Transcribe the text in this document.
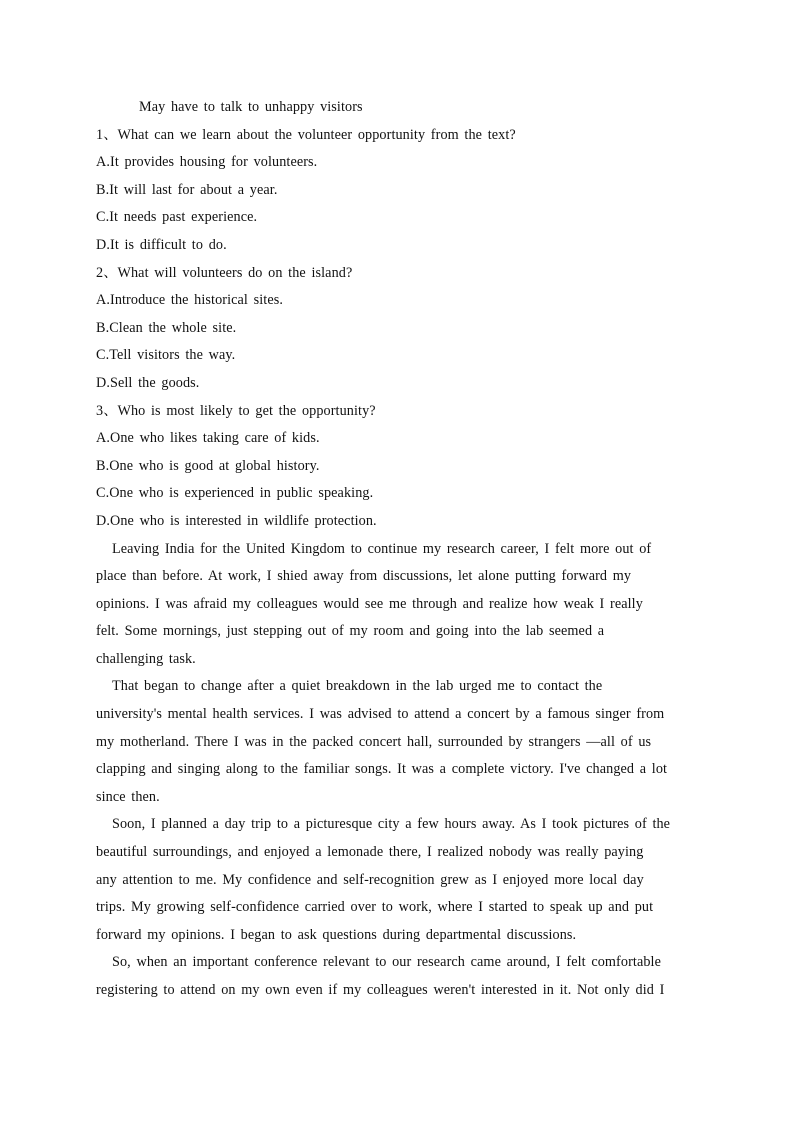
May have to talk to unhappy visitors

1、What can we learn about the volunteer opportunity from the text?

A.It provides housing for volunteers.

B.It will last for about a year.

C.It needs past experience.

D.It is difficult to do.

2、What will volunteers do on the island?

A.Introduce the historical sites.

B.Clean the whole site.

C.Tell visitors the way.

D.Sell the goods.

3、Who is most likely to get the opportunity?

A.One who likes taking care of kids.

B.One who is good at global history.

C.One who is experienced in public speaking.

D.One who is interested in wildlife protection.

Leaving India for the United Kingdom to continue my research career, I felt more out of
place than before. At work, I shied away from discussions, let alone putting forward my
opinions. I was afraid my colleagues would see me through and realize how weak I really
felt. Some mornings, just stepping out of my room and going into the lab seemed a
challenging task.
That began to change after a quiet breakdown in the lab urged me to contact the
university's mental health services. I was advised to attend a concert by a famous singer from
my motherland. There I was in the packed concert hall, surrounded by strangers —all of us
clapping and singing along to the familiar songs. It was a complete victory. I've changed a lot
since then.
Soon, I planned a day trip to a picturesque city a few hours away. As I took pictures of the
beautiful surroundings, and enjoyed a lemonade there, I realized nobody was really paying
any attention to me. My confidence and self-recognition grew as I enjoyed more local day
trips. My growing self-confidence carried over to work, where I started to speak up and put
forward my opinions. I began to ask questions during departmental discussions.
So, when an important conference relevant to our research came around, I felt comfortable
registering to attend on my own even if my colleagues weren't interested in it. Not only did I
